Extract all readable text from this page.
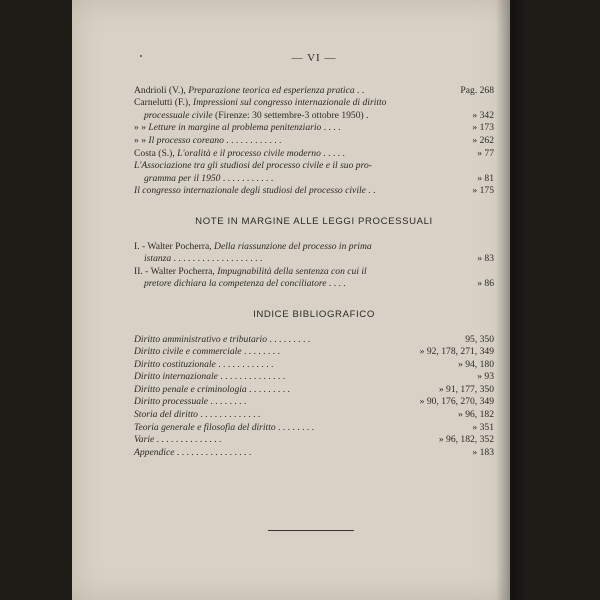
— VI —
Andrioli (V.), Preparazione teorica ed esperienza pratica . .	Pag. 268
Carnelutti (F.), Impressioni sul congresso internazionale di diritto
processuale civile (Firenze: 30 settembre-3 ottobre 1950) .	» 342
» » Letture in margine al problema penitenziario . . . .	» 173
» » Il processo coreano . . . . . . . . . . . .	» 262
Costa (S.), L'oralità e il processo civile moderno . . . . .	» 77
L'Associazione tra gli studiosi del processo civile e il suo pro-
gramma per il 1950 . . . . . . . . . . .	» 81
Il congresso internazionale degli studiosi del processo civile . .	» 175
NOTE IN MARGINE ALLE LEGGI PROCESSUALI
I. - Walter Pocherra, Della riassunzione del processo in prima
istanza . . . . . . . . . . . . . . . . . . .	» 83
II. - Walter Pocherra, Impugnabilità della sentenza con cui il
pretore dichiara la competenza del conciliatore . . . .	» 86
INDICE BIBLIOGRAFICO
Diritto amministrativo e tributario . . . . . . . . .	95, 350
Diritto civile e commerciale . . . . . . . .	» 92, 178, 271, 349
Diritto costituzionale . . . . . . . . . . . .	» 94, 180
Diritto internazionale . . . . . . . . . . . . . .	» 93
Diritto penale e criminologia . . . . . . . . .	» 91, 177, 350
Diritto processuale . . . . . . . .	» 90, 176, 270, 349
Storia del diritto . . . . . . . . . . . . .	» 96, 182
Teoria generale e filosofia del diritto . . . . . . . .	» 351
Varie . . . . . . . . . . . . . .	» 96, 182, 352
Appendice . . . . . . . . . . . . . . . .	» 183
